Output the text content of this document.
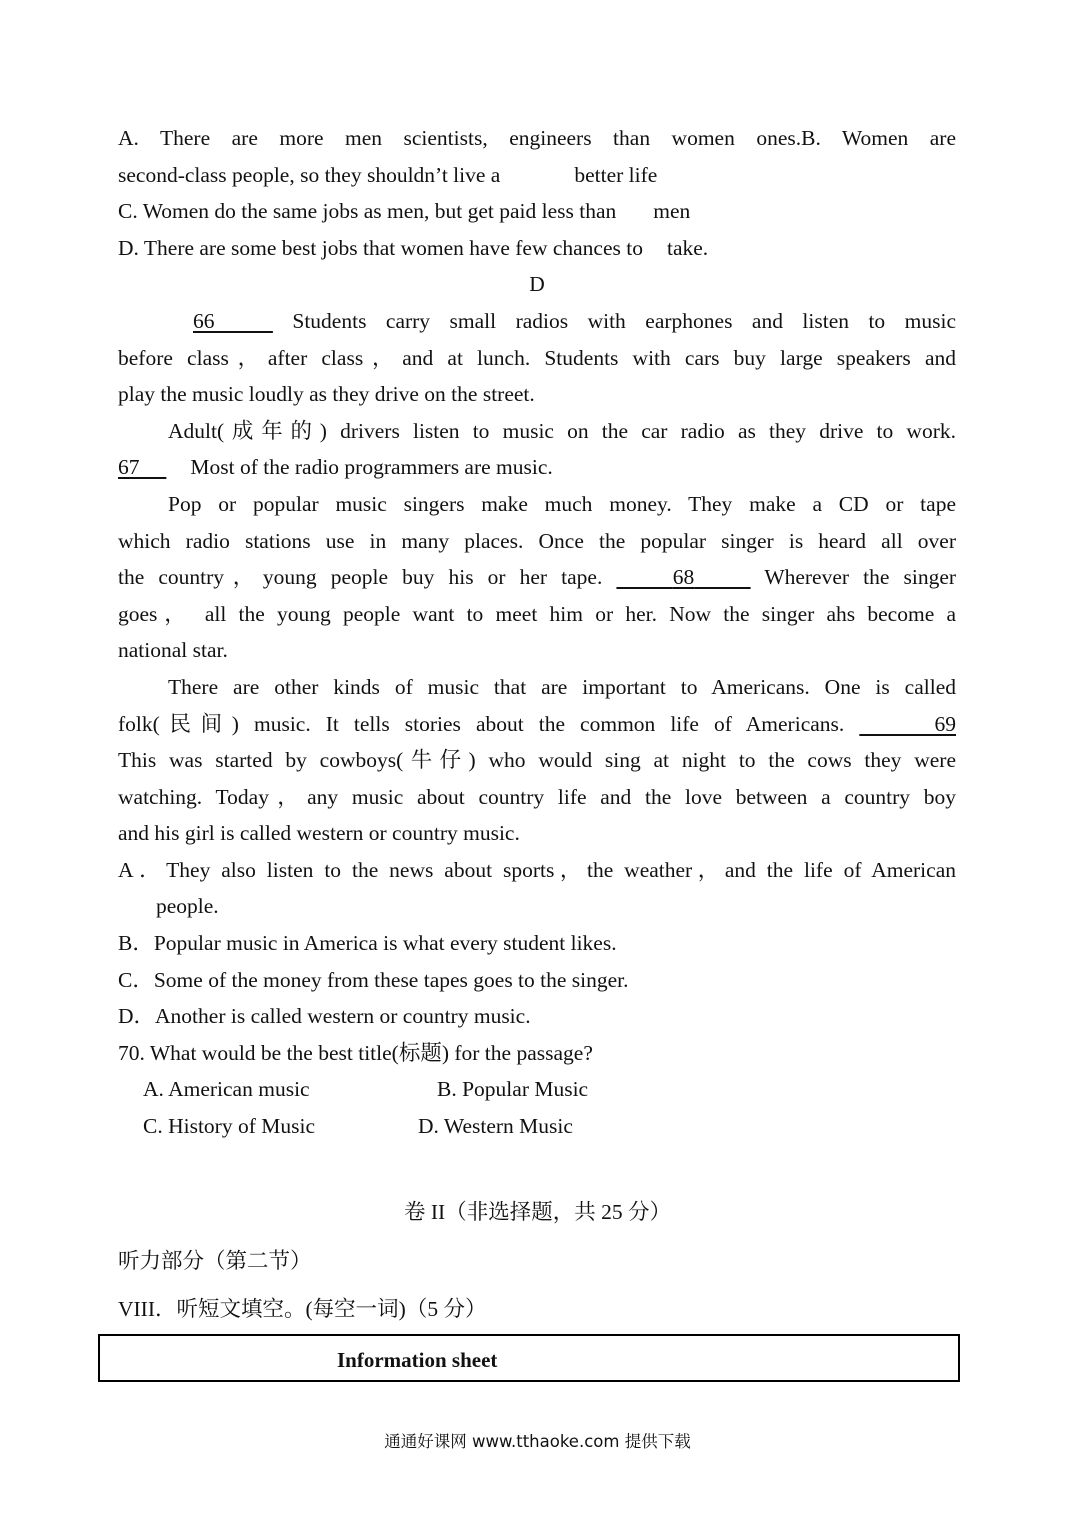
A. There are more men scientists, engineers than women ones.B. Women are
second-class people, so they shouldn’t live a	better life
C. Women do the same jobs as men, but get paid less than men
D. There are some best jobs that women have few chances to take.
D
66	Students carry small radios with earphones and listen to music
before class，after class，and at lunch. Students with cars buy large speakers and
play the music loudly as they drive on the street.
Adult(成年的) drivers listen to music on the car radio as they drive to work.
67 Most of the radio programmers are music.
Pop or popular music singers make much money. They make a CD or tape
which radio stations use in many places. Once the popular singer is heard all over
the country，young people buy his or her tape.	68	Wherever the singer
goes， all the young people want to meet him or her. Now the singer ahs become a
national star.
There are other kinds of music that are important to Americans. One is called
folk(民间) music. It tells stories about the common life of Americans.	69
This was started by cowboys(牛仔) who would sing at night to the cows they were
watching. Today，any music about country life and the love between a country boy
and his girl is called western or country music.
A．They also listen to the news about sports，the weather，and the life of American
people.
B．Popular music in America is what every student likes.
C．Some of the money from these tapes goes to the singer.
D．Another is called western or country music.
70. What would be the best title(标题) for the passage?
A. American music	B. Popular Music
C. History of Music	D. Western Music
卷 II（非选择题，共 25 分）
听力部分（第二节）
VIII．听短文填空。(每空一词)（5 分）
Information sheet
通通好课网 www.tthaoke.com 提供下载
